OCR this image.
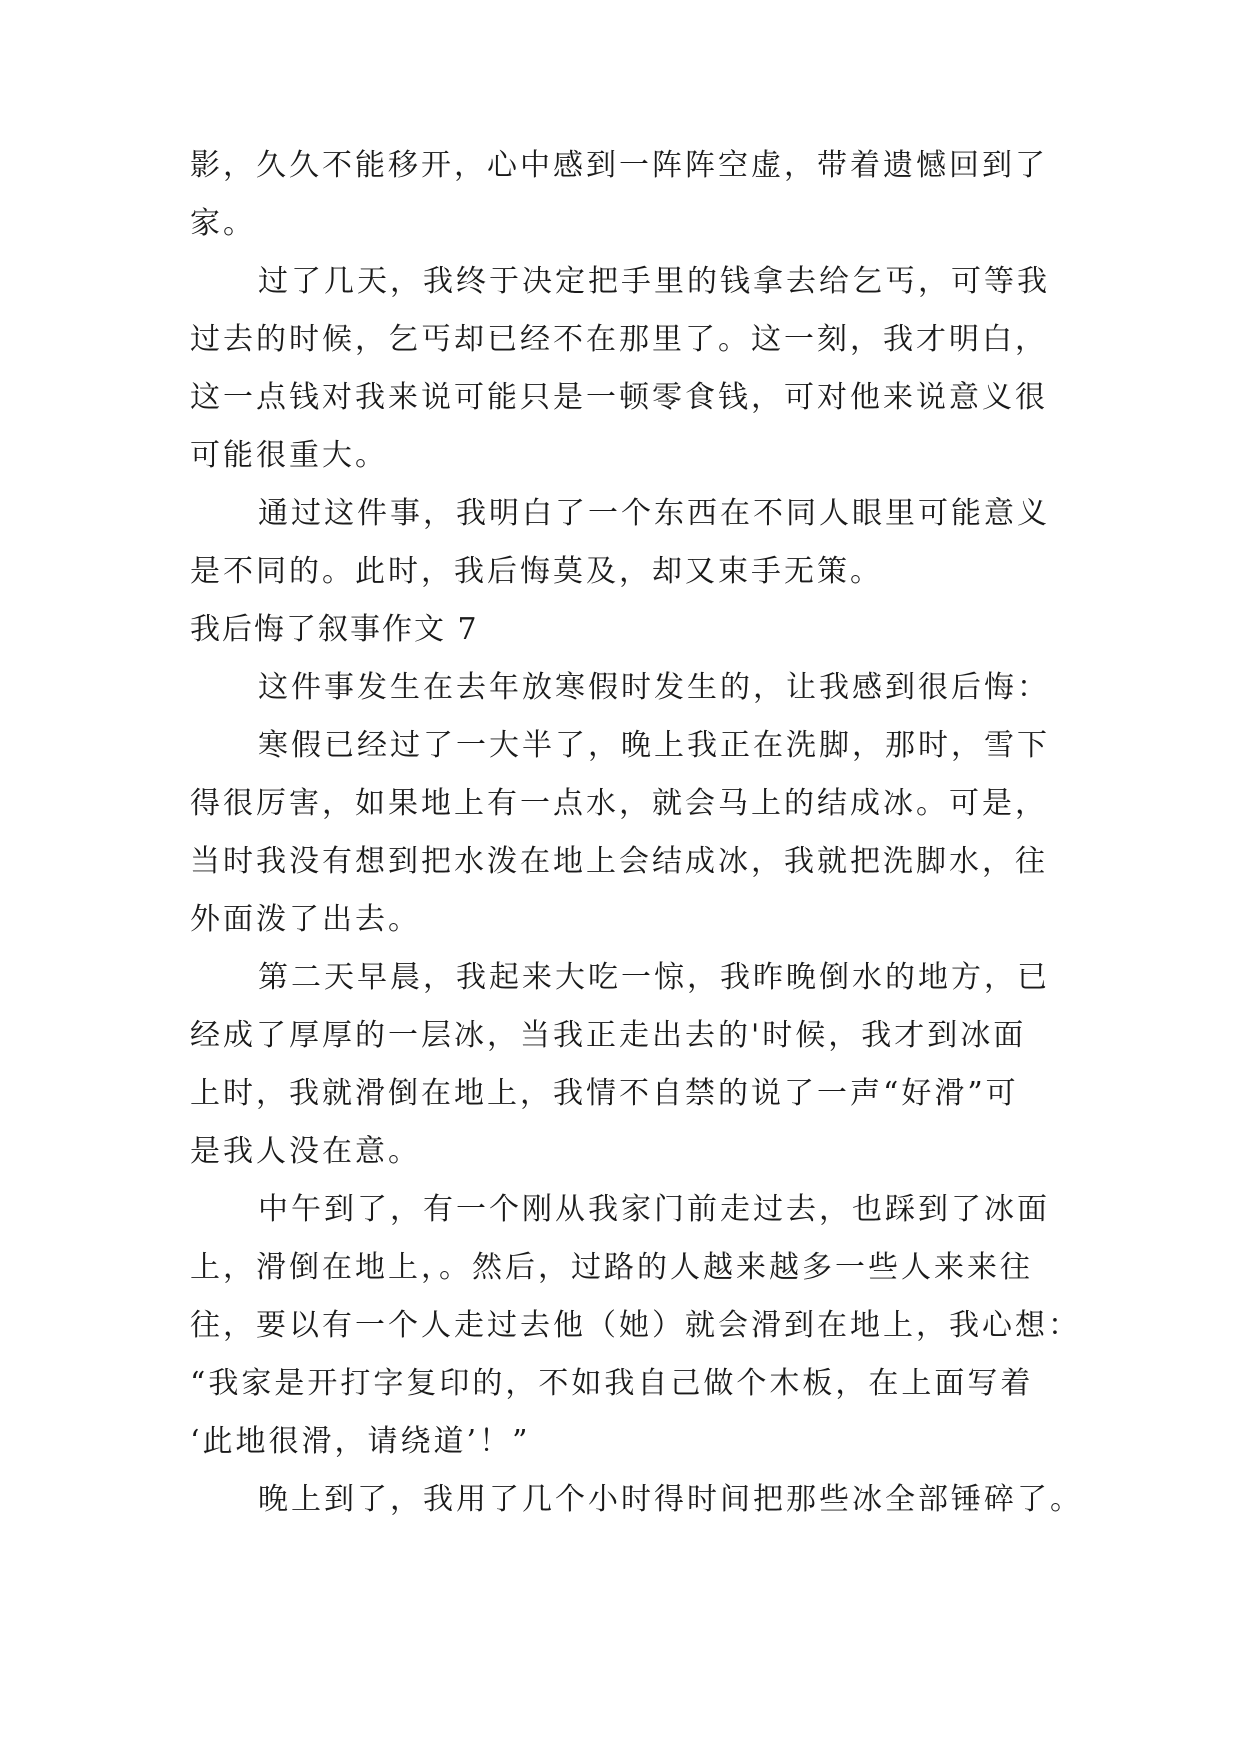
影，久久不能移开，心中感到一阵阵空虚，带着遗憾回到了
家。
过了几天，我终于决定把手里的钱拿去给乞丐，可等我
过去的时候，乞丐却已经不在那里了。这一刻，我才明白，
这一点钱对我来说可能只是一顿零食钱，可对他来说意义很
可能很重大。
通过这件事，我明白了一个东西在不同人眼里可能意义
是不同的。此时，我后悔莫及，却又束手无策。
我后悔了叙事作文 7
这件事发生在去年放寒假时发生的，让我感到很后悔：
寒假已经过了一大半了，晚上我正在洗脚，那时，雪下
得很厉害，如果地上有一点水，就会马上的结成冰。可是，
当时我没有想到把水泼在地上会结成冰，我就把洗脚水，往
外面泼了出去。
第二天早晨，我起来大吃一惊，我昨晚倒水的地方，已
经成了厚厚的一层冰，当我正走出去的'时候，我才到冰面
上时，我就滑倒在地上，我情不自禁的说了一声“好滑”可
是我人没在意。
中午到了，有一个刚从我家门前走过去，也踩到了冰面
上，滑倒在地上，。然后，过路的人越来越多一些人来来往
往，要以有一个人走过去他（她）就会滑到在地上，我心想：
“我家是开打字复印的，不如我自己做个木板，在上面写着
‘此地很滑，请绕道’！”
晚上到了，我用了几个小时得时间把那些冰全部锤碎了。
